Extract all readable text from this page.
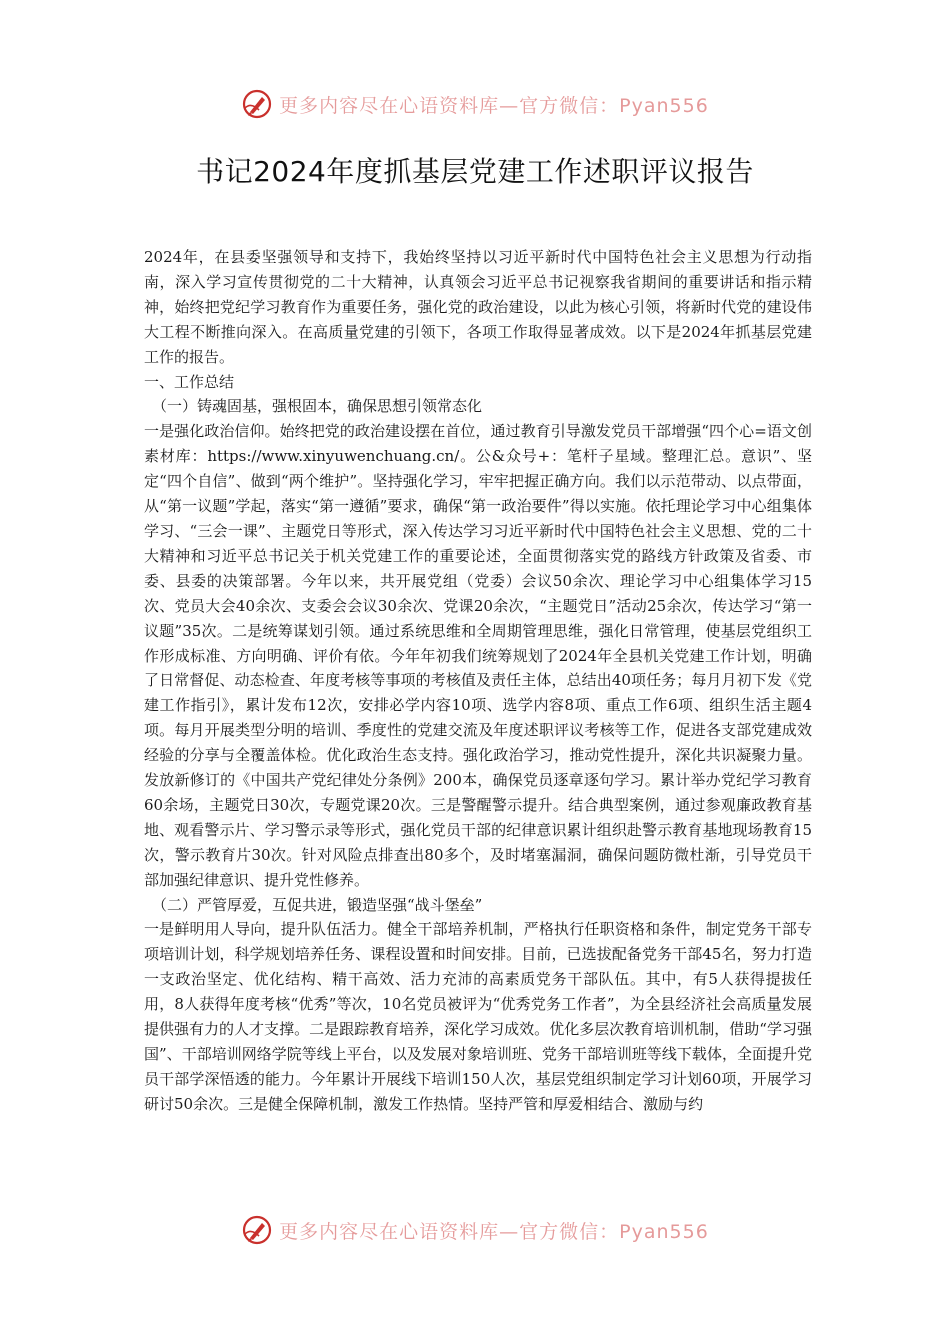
更多内容尽在心语资料库—官方微信：Pyan556
书记2024年度抓基层党建工作述职评议报告

2024年，在县委坚强领导和支持下，我始终坚持以习近平新时代中国特色社会主义思想为行动指南，深入学习宣传贯彻党的二十大精神，认真领会习近平总书记视察我省期间的重要讲话和指示精神，始终把党纪学习教育作为重要任务，强化党的政治建设，以此为核心引领，将新时代党的建设伟大工程不断推向深入。在高质量党建的引领下，各项工作取得显著成效。以下是2024年抓基层党建工作的报告。

一、工作总结

（一）铸魂固基，强根固本，确保思想引领常态化

一是强化政治信仰。始终把党的政治建设摆在首位，通过教育引导激发党员干部增强“四个心=语文创素材库：https://www.xinyuwenchuang.cn/。公&众号+：笔杆子星域。整理汇总。意识”、坚定“四个自信”、做到“两个维护”。坚持强化学习，牢牢把握正确方向。我们以示范带动、以点带面，从“第一议题”学起，落实“第一遵循”要求，确保“第一政治要件”得以实施。依托理论学习中心组集体学习、“三会一课”、主题党日等形式，深入传达学习习近平新时代中国特色社会主义思想、党的二十大精神和习近平总书记关于机关党建工作的重要论述，全面贯彻落实党的路线方针政策及省委、市委、县委的决策部署。今年以来，共开展党组（党委）会议50余次、理论学习中心组集体学习15次、党员大会40余次、支委会会议30余次、党课20余次，“主题党日”活动25余次，传达学习“第一议题”35次。二是统筹谋划引领。通过系统思维和全周期管理思维，强化日常管理，使基层党组织工作形成标准、方向明确、评价有依。今年年初我们统筹规划了2024年全县机关党建工作计划，明确了日常督促、动态检查、年度考核等事项的考核值及责任主体，总结出40项任务；每月月初下发《党建工作指引》，累计发布12次，安排必学内容10项、选学内容8项、重点工作6项、组织生活主题4项。每月开展类型分明的培训、季度性的党建交流及年度述职评议考核等工作，促进各支部党建成效经验的分享与全覆盖体检。优化政治生态支持。强化政治学习，推动党性提升，深化共识凝聚力量。发放新修订的《中国共产党纪律处分条例》200本，确保党员逐章逐句学习。累计举办党纪学习教育60余场，主题党日30次，专题党课20次。三是警醒警示提升。结合典型案例，通过参观廉政教育基地、观看警示片、学习警示录等形式，强化党员干部的纪律意识累计组织赴警示教育基地现场教育15次，警示教育片30次。针对风险点排查出80多个，及时堵塞漏洞，确保问题防微杜渐，引导党员干部加强纪律意识、提升党性修养。

（二）严管厚爱，互促共进，锻造坚强“战斗堡垒”

一是鲜明用人导向，提升队伍活力。健全干部培养机制，严格执行任职资格和条件，制定党务干部专项培训计划，科学规划培养任务、课程设置和时间安排。目前，已选拔配备党务干部45名，努力打造一支政治坚定、优化结构、精干高效、活力充沛的高素质党务干部队伍。其中，有5人获得提拔任用，8人获得年度考核“优秀”等次，10名党员被评为“优秀党务工作者”，为全县经济社会高质量发展提供强有力的人才支撑。二是跟踪教育培养，深化学习成效。优化多层次教育培训机制，借助“学习强国”、干部培训网络学院等线上平台，以及发展对象培训班、党务干部培训班等线下载体，全面提升党员干部学深悟透的能力。今年累计开展线下培训150人次，基层党组织制定学习计划60项，开展学习研讨50余次。三是健全保障机制，激发工作热情。坚持严管和厚爱相结合、激励与约

更多内容尽在心语资料库—官方微信：Pyan556
